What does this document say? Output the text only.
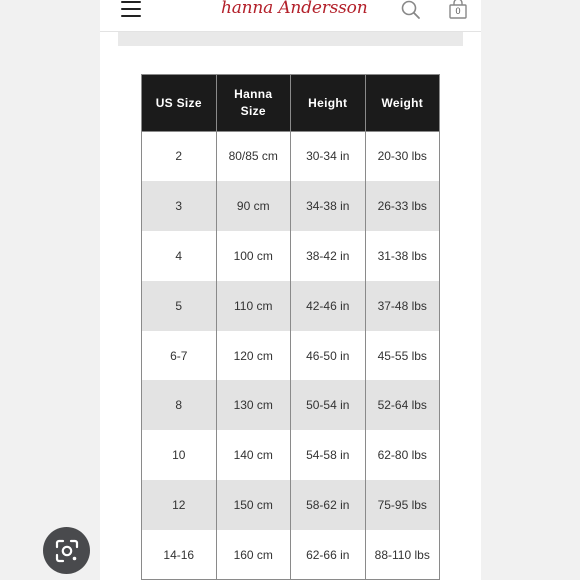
hanna Andersson	0
US Size	Hanna Size	Height	Weight
2	80/85 cm	30-34 in	20-30 lbs
3	90 cm	34-38 in	26-33 lbs
4	100 cm	38-42 in	31-38 lbs
5	110 cm	42-46 in	37-48 lbs
6-7	120 cm	46-50 in	45-55 lbs
8	130 cm	50-54 in	52-64 lbs
10	140 cm	54-58 in	62-80 lbs
12	150 cm	58-62 in	75-95 lbs
14-16	160 cm	62-66 in	88-110 lbs
